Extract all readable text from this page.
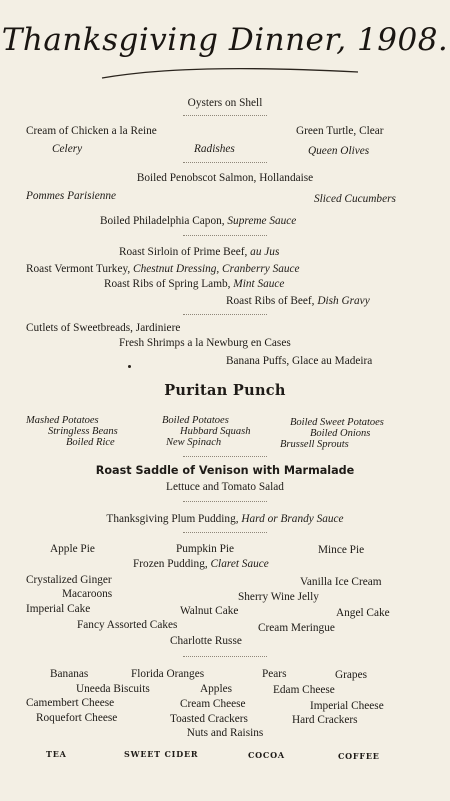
Thanksgiving Dinner, 1908.
Oysters on Shell
Cream of Chicken a la Reine	Green Turtle, Clear
Celery	Radishes	Queen Olives
Boiled Penobscot Salmon, Hollandaise
Pommes Parisienne	Sliced Cucumbers
Boiled Philadelphia Capon, Supreme Sauce
Roast Sirloin of Prime Beef, au Jus
Roast Vermont Turkey, Chestnut Dressing, Cranberry Sauce
Roast Ribs of Spring Lamb, Mint Sauce
Roast Ribs of Beef, Dish Gravy
Cutlets of Sweetbreads, Jardiniere
Fresh Shrimps a la Newburg en Cases
Banana Puffs, Glace au Madeira
Puritan Punch
Mashed Potatoes
Stringless Beans
Boiled Rice
Boiled Potatoes
Hubbard Squash
New Spinach
Boiled Sweet Potatoes
Boiled Onions
Brussell Sprouts
Roast Saddle of Venison with Marmalade
Lettuce and Tomato Salad
Thanksgiving Plum Pudding, Hard or Brandy Sauce
Apple Pie	Pumpkin Pie	Mince Pie
Frozen Pudding, Claret Sauce
Crystalized Ginger	Vanilla Ice Cream
Macaroons	Sherry Wine Jelly
Imperial Cake	Walnut Cake	Angel Cake
Fancy Assorted Cakes	Cream Meringue
Charlotte Russe
Bananas	Florida Oranges	Pears	Grapes
Uneeda Biscuits	Apples	Edam Cheese
Camembert Cheese	Cream Cheese	Imperial Cheese
Roquefort Cheese	Toasted Crackers	Hard Crackers
Nuts and Raisins
TEA	SWEET CIDER	COCOA	COFFEE
